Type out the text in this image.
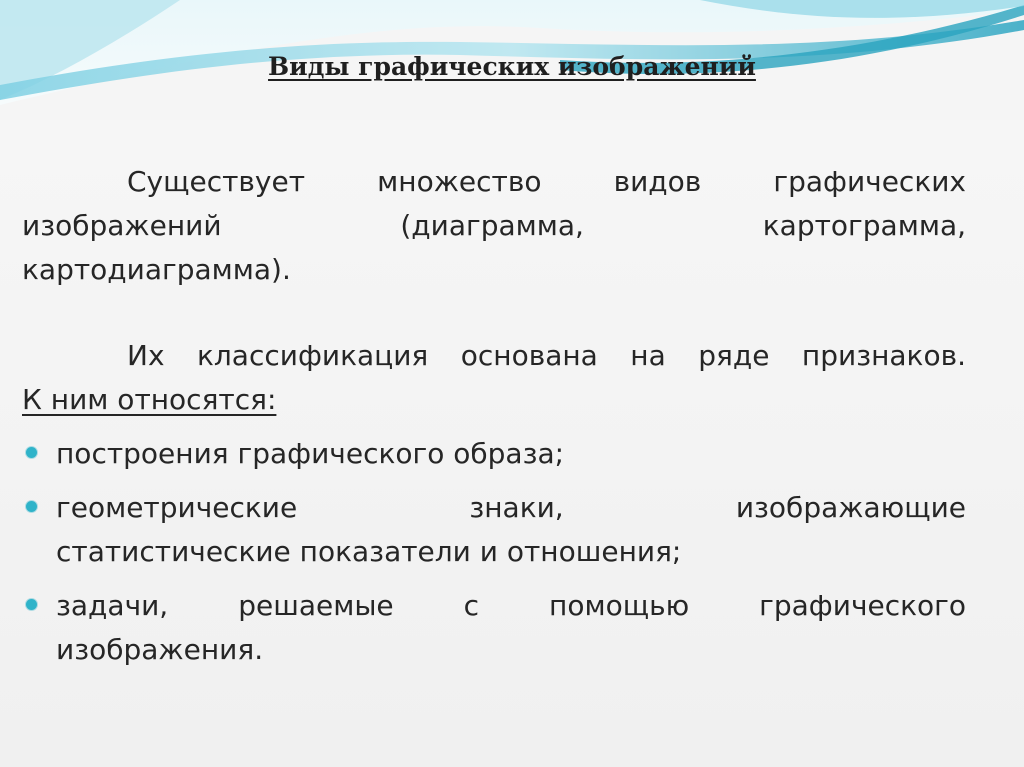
Виды графических изображений
Существует множество видов графических
изображений (диаграмма, картограмма,
картодиаграмма).
Их классификация основана на ряде признаков.

К ним относятся:

построения графического образа;
геометрические знаки, изображающие
статистические показатели и отношения;
задачи, решаемые с помощью графического
изображения.
